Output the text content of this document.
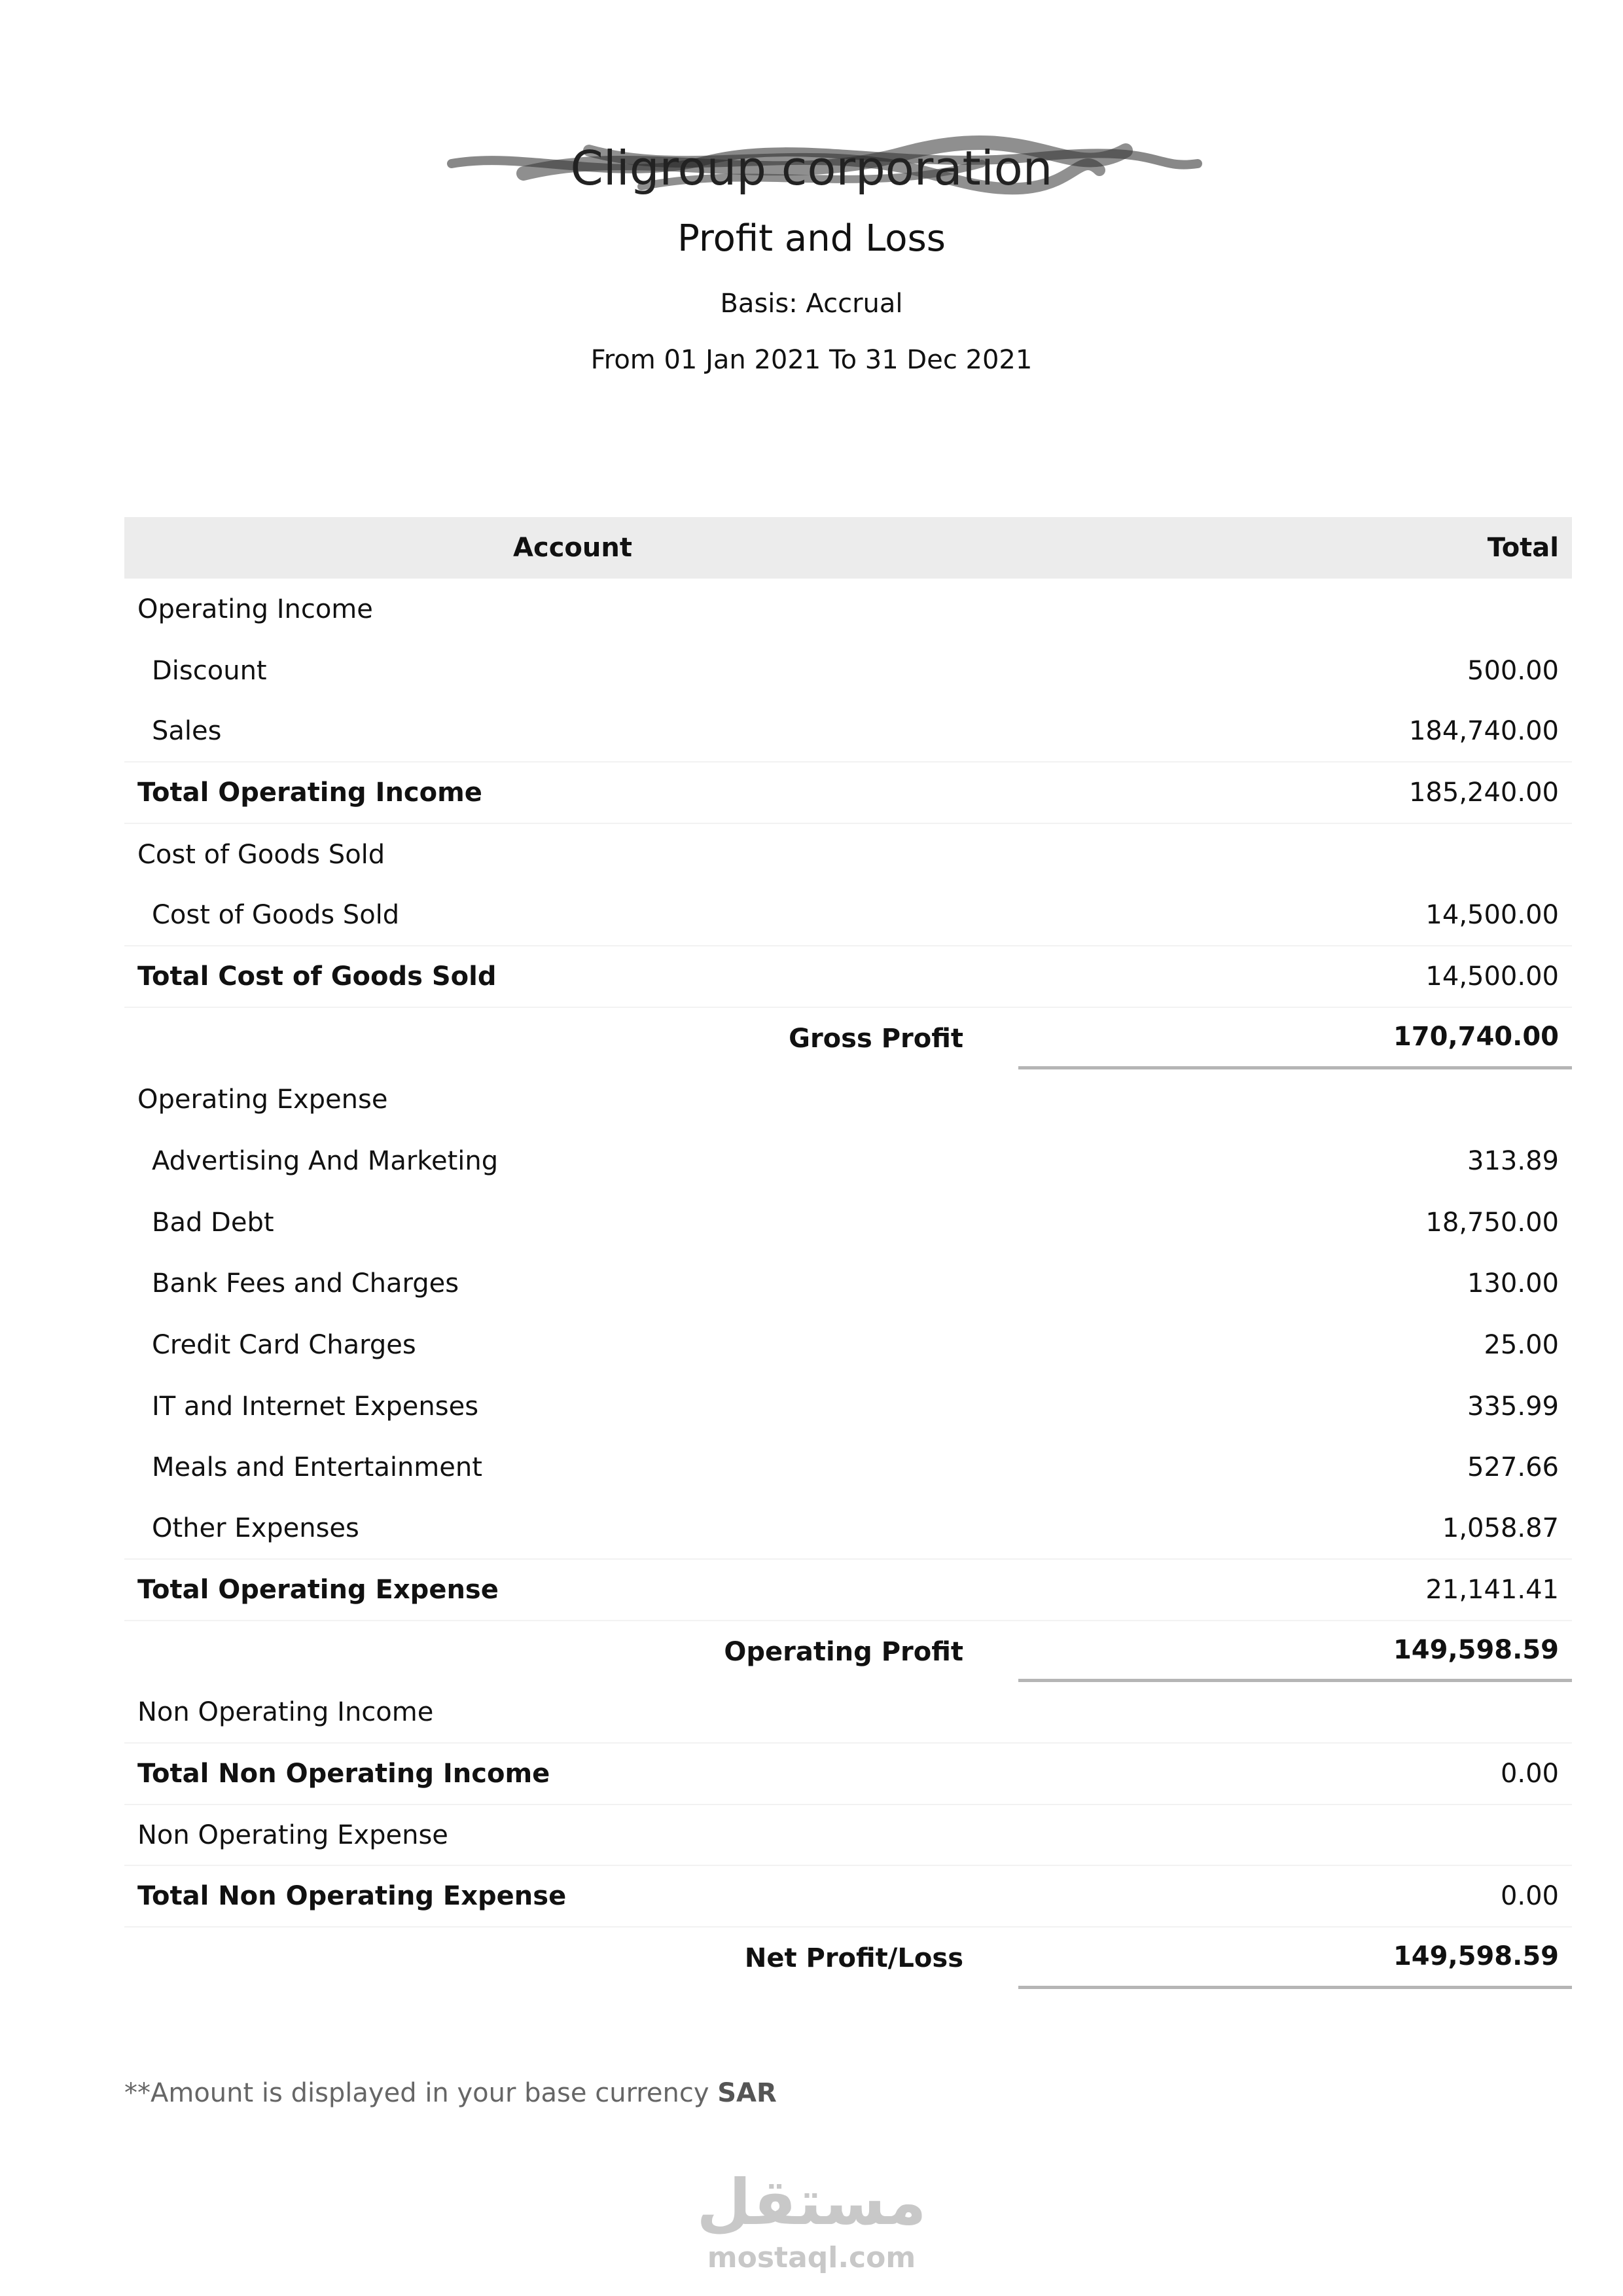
Cligroup corporation
Profit and Loss
Basis: Accrual
From 01 Jan 2021 To 31 Dec 2021
Account	Total
Operating Income
Discount	500.00
Sales	184,740.00
Total Operating Income	185,240.00
Cost of Goods Sold
Cost of Goods Sold	14,500.00
Total Cost of Goods Sold	14,500.00
Gross Profit	170,740.00
Operating Expense
Advertising And Marketing	313.89
Bad Debt	18,750.00
Bank Fees and Charges	130.00
Credit Card Charges	25.00
IT and Internet Expenses	335.99
Meals and Entertainment	527.66
Other Expenses	1,058.87
Total Operating Expense	21,141.41
Operating Profit	149,598.59
Non Operating Income
Total Non Operating Income	0.00
Non Operating Expense
Total Non Operating Expense	0.00
Net Profit/Loss	149,598.59
**Amount is displayed in your base currency SAR
مستقل
mostaql.com
